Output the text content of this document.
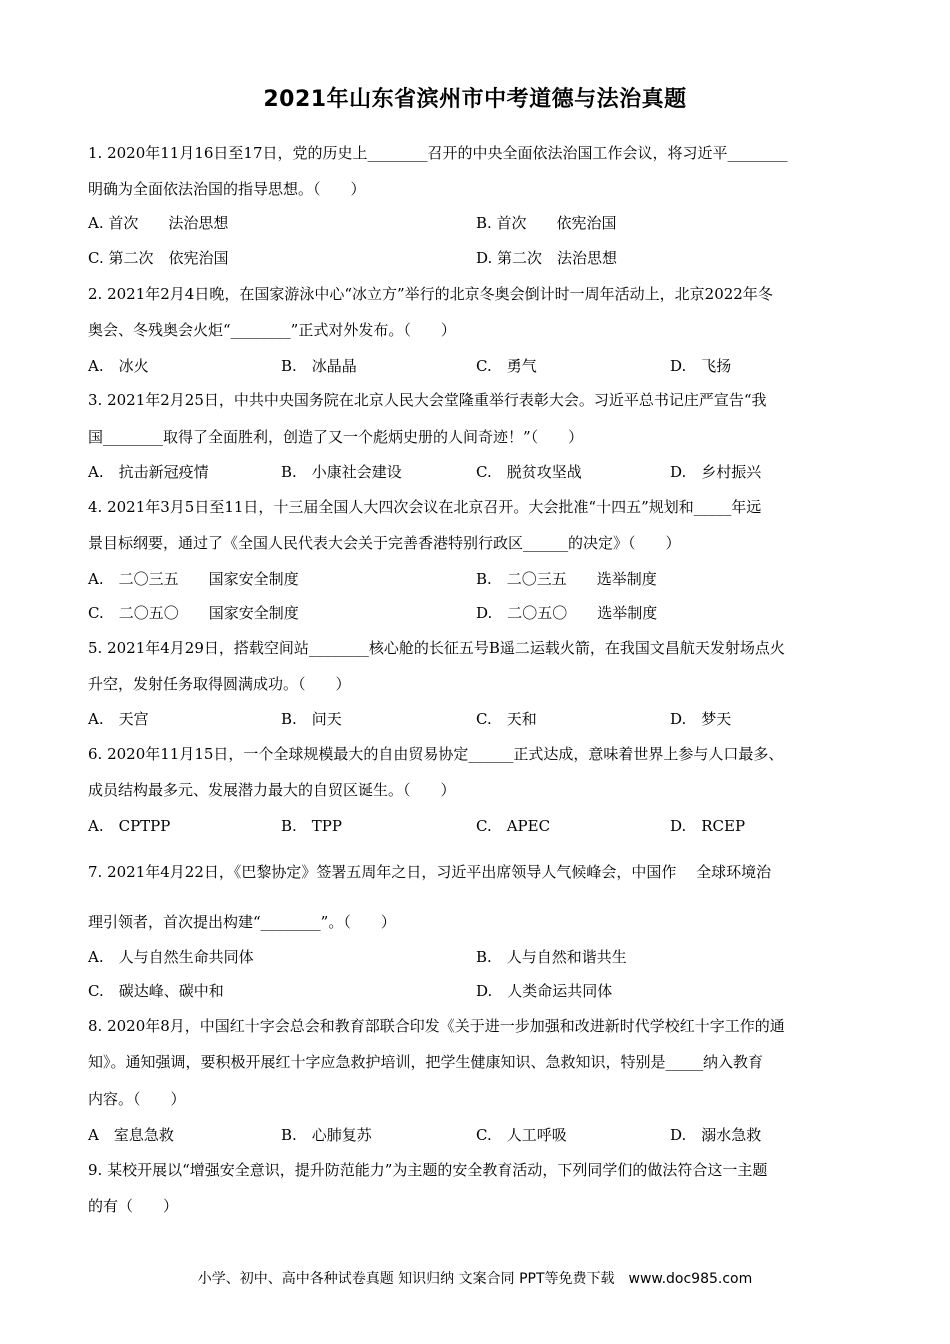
2021年山东省滨州市中考道德与法治真题
1. 2020年11月16日至17日，党的历史上________召开的中央全面依法治国工作会议，将习近平________
明确为全面依法治国的指导思想。（　　）
A. 首次　　法治思想	B. 首次　　依宪治国
C. 第二次　依宪治国	D. 第二次　法治思想
2. 2021年2月4日晚，在国家游泳中心“冰立方”举行的北京冬奥会倒计时一周年活动上，北京2022年冬
奥会、冬残奥会火炬“________”正式对外发布。（　　）
A.　冰火	B.　冰晶晶	C.　勇气	D.　飞扬
3. 2021年2月25日，中共中央国务院在北京人民大会堂隆重举行表彰大会。习近平总书记庄严宣告“我
国________取得了全面胜利，创造了又一个彪炳史册的人间奇迹！”（　　）
A.　抗击新冠疫情	B.　小康社会建设	C.　脱贫攻坚战	D.　乡村振兴
4. 2021年3月5日至11日，十三届全国人大四次会议在北京召开。大会批准“十四五”规划和_____年远
景目标纲要，通过了《全国人民代表大会关于完善香港特别行政区______的决定》（　　）
A.　二〇三五　　国家安全制度	B.　二〇三五　　选举制度
C.　二〇五〇　　国家安全制度	D.　二〇五〇　　选举制度
5. 2021年4月29日，搭载空间站________核心舱的长征五号B遥二运载火箭，在我国文昌航天发射场点火
升空，发射任务取得圆满成功。（　　）
A.　天宫	B.　问天	C.　天和	D.　梦天
6. 2020年11月15日，一个全球规模最大的自由贸易协定______正式达成，意味着世界上参与人口最多、
成员结构最多元、发展潜力最大的自贸区诞生。（　　）
A.　CPTPP	B.　TPP	C.　APEC	D.　RCEP
7. 2021年4月22日，《巴黎协定》签署五周年之日，习近平出席领导人气候峰会，中国作　 全球环境治
理引领者，首次提出构建“________”。（　　）
A.　人与自然生命共同体	B.　人与自然和谐共生
C.　碳达峰、碳中和	D.　人类命运共同体
8. 2020年8月，中国红十字会总会和教育部联合印发《关于进一步加强和改进新时代学校红十字工作的通
知》。通知强调，要积极开展红十字应急救护培训，把学生健康知识、急救知识，特别是_____纳入教育
内容。（　　）
A　室息急救	B.　心肺复苏	C.　人工呼吸	D.　溺水急救
9. 某校开展以“增强安全意识，提升防范能力”为主题的安全教育活动，下列同学们的做法符合这一主题
的有（　　）
小学、初中、高中各种试卷真题 知识归纳 文案合同 PPT等免费下载　www.doc985.com
